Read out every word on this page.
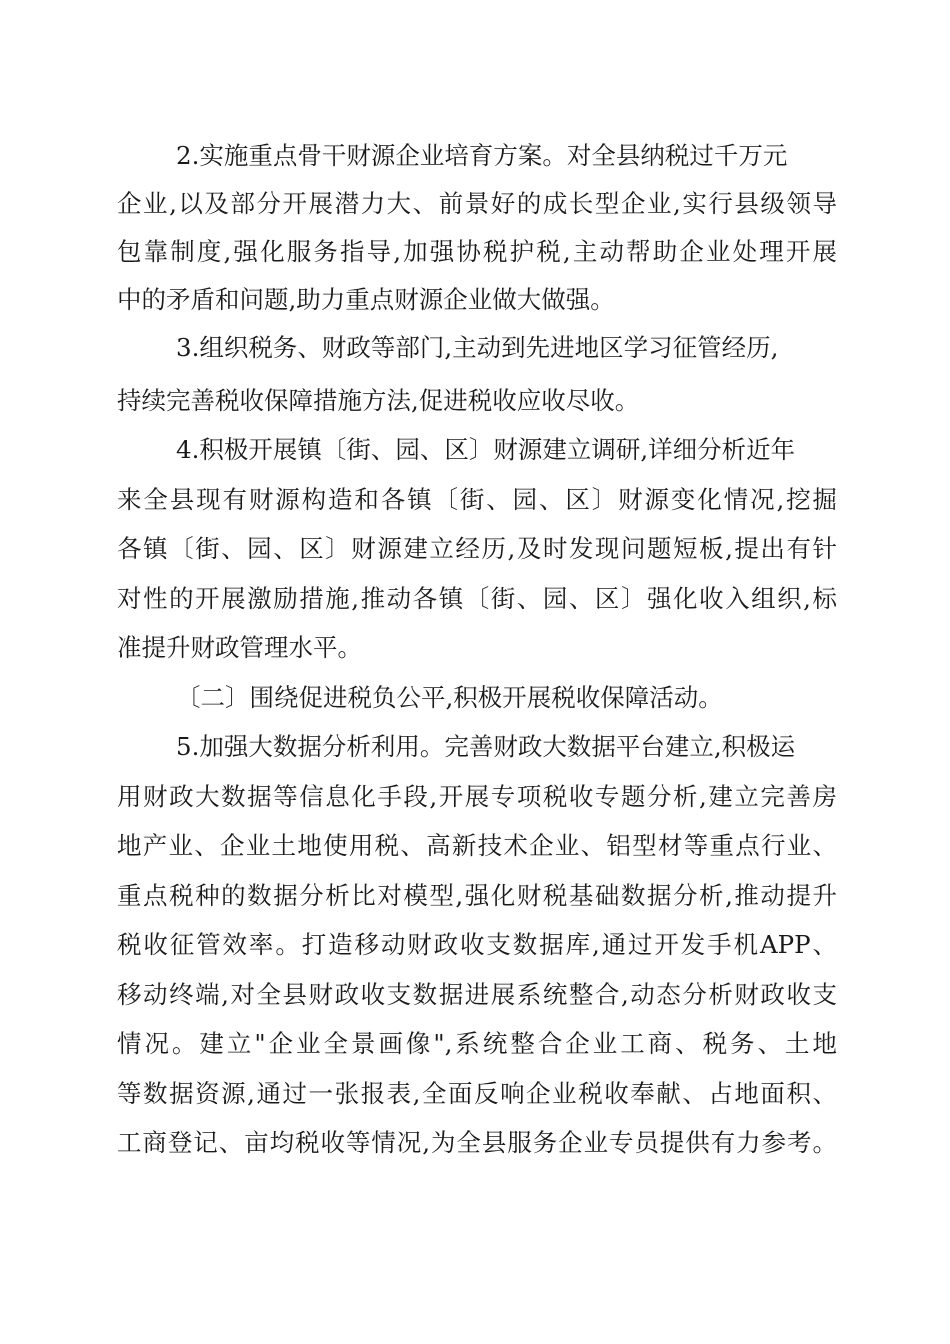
2.实施重点骨干财源企业培育方案。对全县纳税过千万元
企业,以及部分开展潜力大、前景好的成长型企业,实行县级领导
包靠制度,强化服务指导,加强协税护税,主动帮助企业处理开展
中的矛盾和问题,助力重点财源企业做大做强。
3.组织税务、财政等部门,主动到先进地区学习征管经历,
持续完善税收保障措施方法,促进税收应收尽收。
4.积极开展镇〔街、园、区〕财源建立调研,详细分析近年
来全县现有财源构造和各镇〔街、园、区〕财源变化情况,挖掘
各镇〔街、园、区〕财源建立经历,及时发现问题短板,提出有针
对性的开展激励措施,推动各镇〔街、园、区〕强化收入组织,标
准提升财政管理水平。
〔二〕围绕促进税负公平,积极开展税收保障活动。
5.加强大数据分析利用。完善财政大数据平台建立,积极运
用财政大数据等信息化手段,开展专项税收专题分析,建立完善房
地产业、企业土地使用税、高新技术企业、铝型材等重点行业、
重点税种的数据分析比对模型,强化财税基础数据分析,推动提升
税收征管效率。打造移动财政收支数据库,通过开发手机APP、
移动终端,对全县财政收支数据进展系统整合,动态分析财政收支
情况。建立"企业全景画像",系统整合企业工商、税务、土地
等数据资源,通过一张报表,全面反响企业税收奉献、占地面积、
工商登记、亩均税收等情况,为全县服务企业专员提供有力参考。
